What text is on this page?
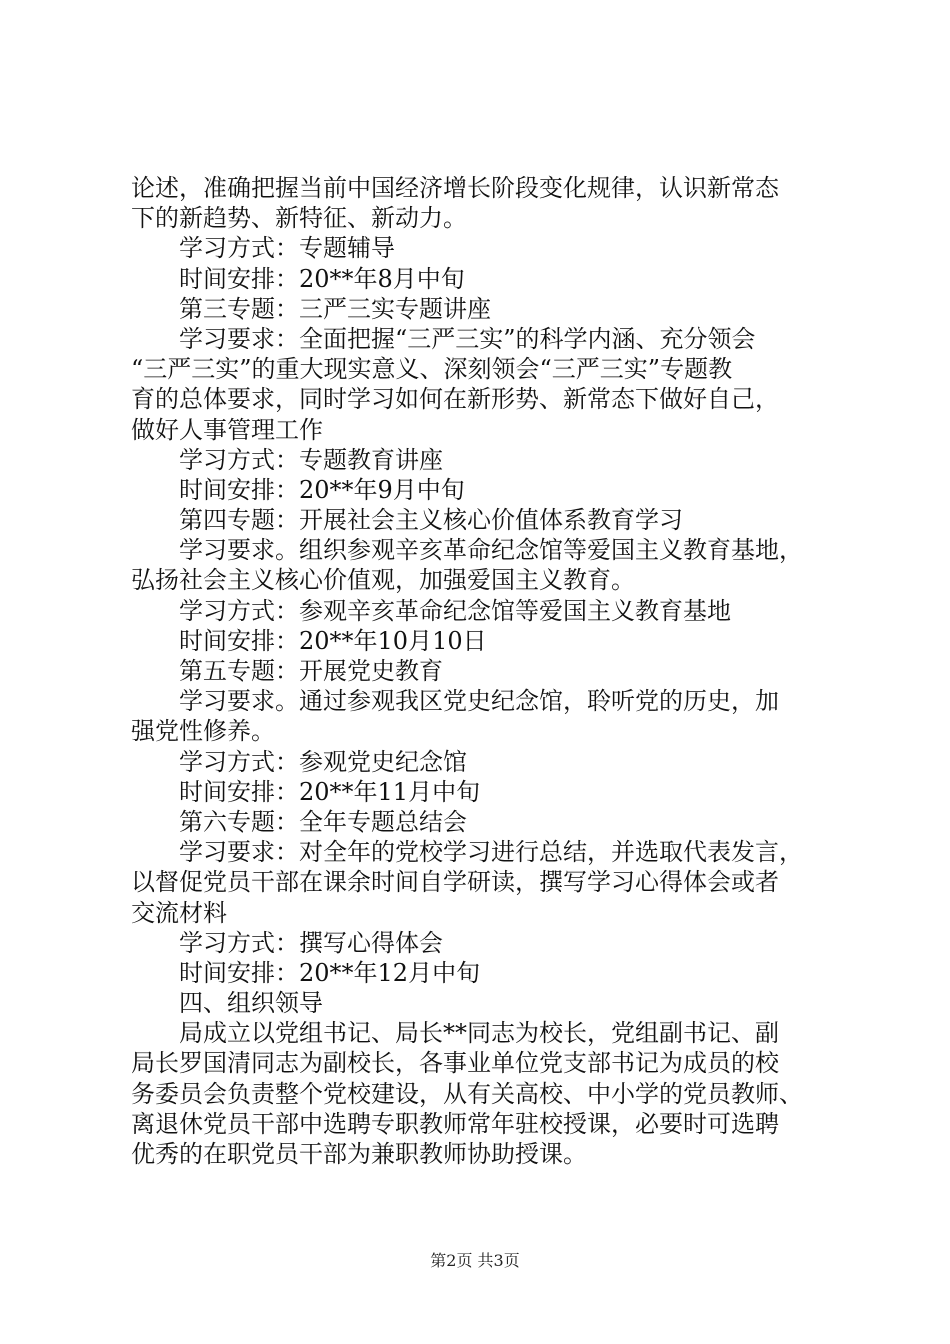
论述，准确把握当前中国经济增长阶段变化规律，认识新常态
下的新趋势、新特征、新动力。
学习方式：专题辅导
时间安排：20**年8月中旬
第三专题：三严三实专题讲座
学习要求：全面把握“三严三实”的科学内涵、充分领会
“三严三实”的重大现实意义、深刻领会“三严三实”专题教
育的总体要求，同时学习如何在新形势、新常态下做好自己，
做好人事管理工作
学习方式：专题教育讲座
时间安排：20**年9月中旬
第四专题：开展社会主义核心价值体系教育学习
学习要求。组织参观辛亥革命纪念馆等爱国主义教育基地，
弘扬社会主义核心价值观，加强爱国主义教育。
学习方式：参观辛亥革命纪念馆等爱国主义教育基地
时间安排：20**年10月10日
第五专题：开展党史教育
学习要求。通过参观我区党史纪念馆，聆听党的历史，加
强党性修养。
学习方式：参观党史纪念馆
时间安排：20**年11月中旬
第六专题：全年专题总结会
学习要求：对全年的党校学习进行总结，并选取代表发言，
以督促党员干部在课余时间自学研读，撰写学习心得体会或者
交流材料
学习方式：撰写心得体会
时间安排：20**年12月中旬
四、组织领导
局成立以党组书记、局长**同志为校长，党组副书记、副
局长罗国清同志为副校长，各事业单位党支部书记为成员的校
务委员会负责整个党校建设，从有关高校、中小学的党员教师、
离退休党员干部中选聘专职教师常年驻校授课，必要时可选聘
优秀的在职党员干部为兼职教师协助授课。
第2页 共3页
